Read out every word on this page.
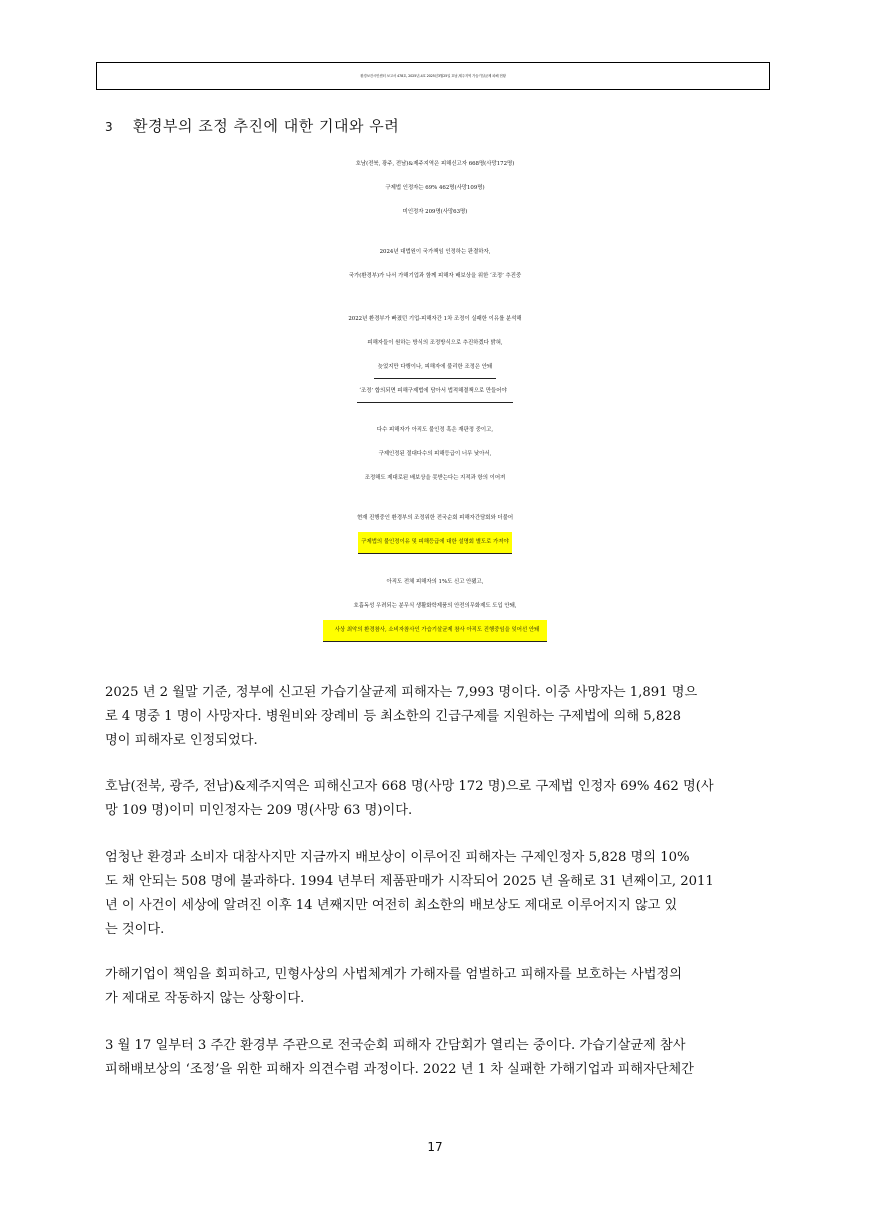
환경보건시민센터 보고서 478호, 2025년-4호 2025년3월25일 호남,제주지역 가습기살균제 피해 현황
3 환경부의 조정 추진에 대한 기대와 우려
호남(전북, 광주, 전남)&제주지역은 피해신고자 668명(사망172명)
구제법 인정자는 69% 462명(사망109명)
미인정자 209명(사망63명)
2024년 대법원이 국가책임 인정하는 판결하자,
국가(환경부)가 나서 가해기업과 함께 피해자 배보상을 위한 ‘조정’ 추진중
2022년 환경부가 빠졌던 기업-피해자간 1차 조정이 실패한 이유를 분석해
피해자들이 원하는 방식의 조정방식으로 추진하겠다 밝혀,
늦었지만 다행이나, 피해자에 불리한 조정은 안돼
‘조정’ 합의되면 피해구제법에 담아서 법적해결책으로 만들어야
다수 피해자가 아직도 불인정 혹은 재판정 중이고,
구제인정된 절대다수의 피해등급이 너무 낮아서,
조정해도 제대로된 배보상을 못받는다는 지적과 항의 이어져
현재 진행중인 환경부의 조정위한 전국순회 피해자간담회와 더불어
구제법의 불인정이유 및 피해등급에 대한 설명회 별도로 가져야
아직도 전체 피해자의 1%도 신고 안됐고,
호흡독성 우려되는 분무식 생활화학제품의 안전의무화제도 도입 안돼,
사상 최악의 환경참사, 소비자참사인 가습기살균제 참사 아직도 진행중임을 잊어선 안돼
2025 년 2 월말 기준, 정부에 신고된 가습기살균제 피해자는 7,993 명이다. 이중 사망자는 1,891 명으
로 4 명중 1 명이 사망자다. 병원비와 장례비 등 최소한의 긴급구제를 지원하는 구제법에 의해 5,828
명이 피해자로 인정되었다.
호남(전북, 광주, 전남)&제주지역은 피해신고자 668 명(사망 172 명)으로 구제법 인정자 69% 462 명(사
망 109 명)이미 미인정자는 209 명(사망 63 명)이다.
엄청난 환경과 소비자 대참사지만 지금까지 배보상이 이루어진 피해자는 구제인정자 5,828 명의 10%
도 채 안되는 508 명에 불과하다. 1994 년부터 제품판매가 시작되어 2025 년 올해로 31 년째이고, 2011
년 이 사건이 세상에 알려진 이후 14 년째지만 여전히 최소한의 배보상도 제대로 이루어지지 않고 있
는 것이다.
가해기업이 책임을 회피하고, 민형사상의 사법체계가 가해자를 엄벌하고 피해자를 보호하는 사법정의
가 제대로 작동하지 않는 상황이다.
3 월 17 일부터 3 주간 환경부 주관으로 전국순회 피해자 간담회가 열리는 중이다. 가습기살균제 참사
피해배보상의 ‘조정’을 위한 피해자 의견수렴 과정이다. 2022 년 1 차 실패한 가해기업과 피해자단체간
17
